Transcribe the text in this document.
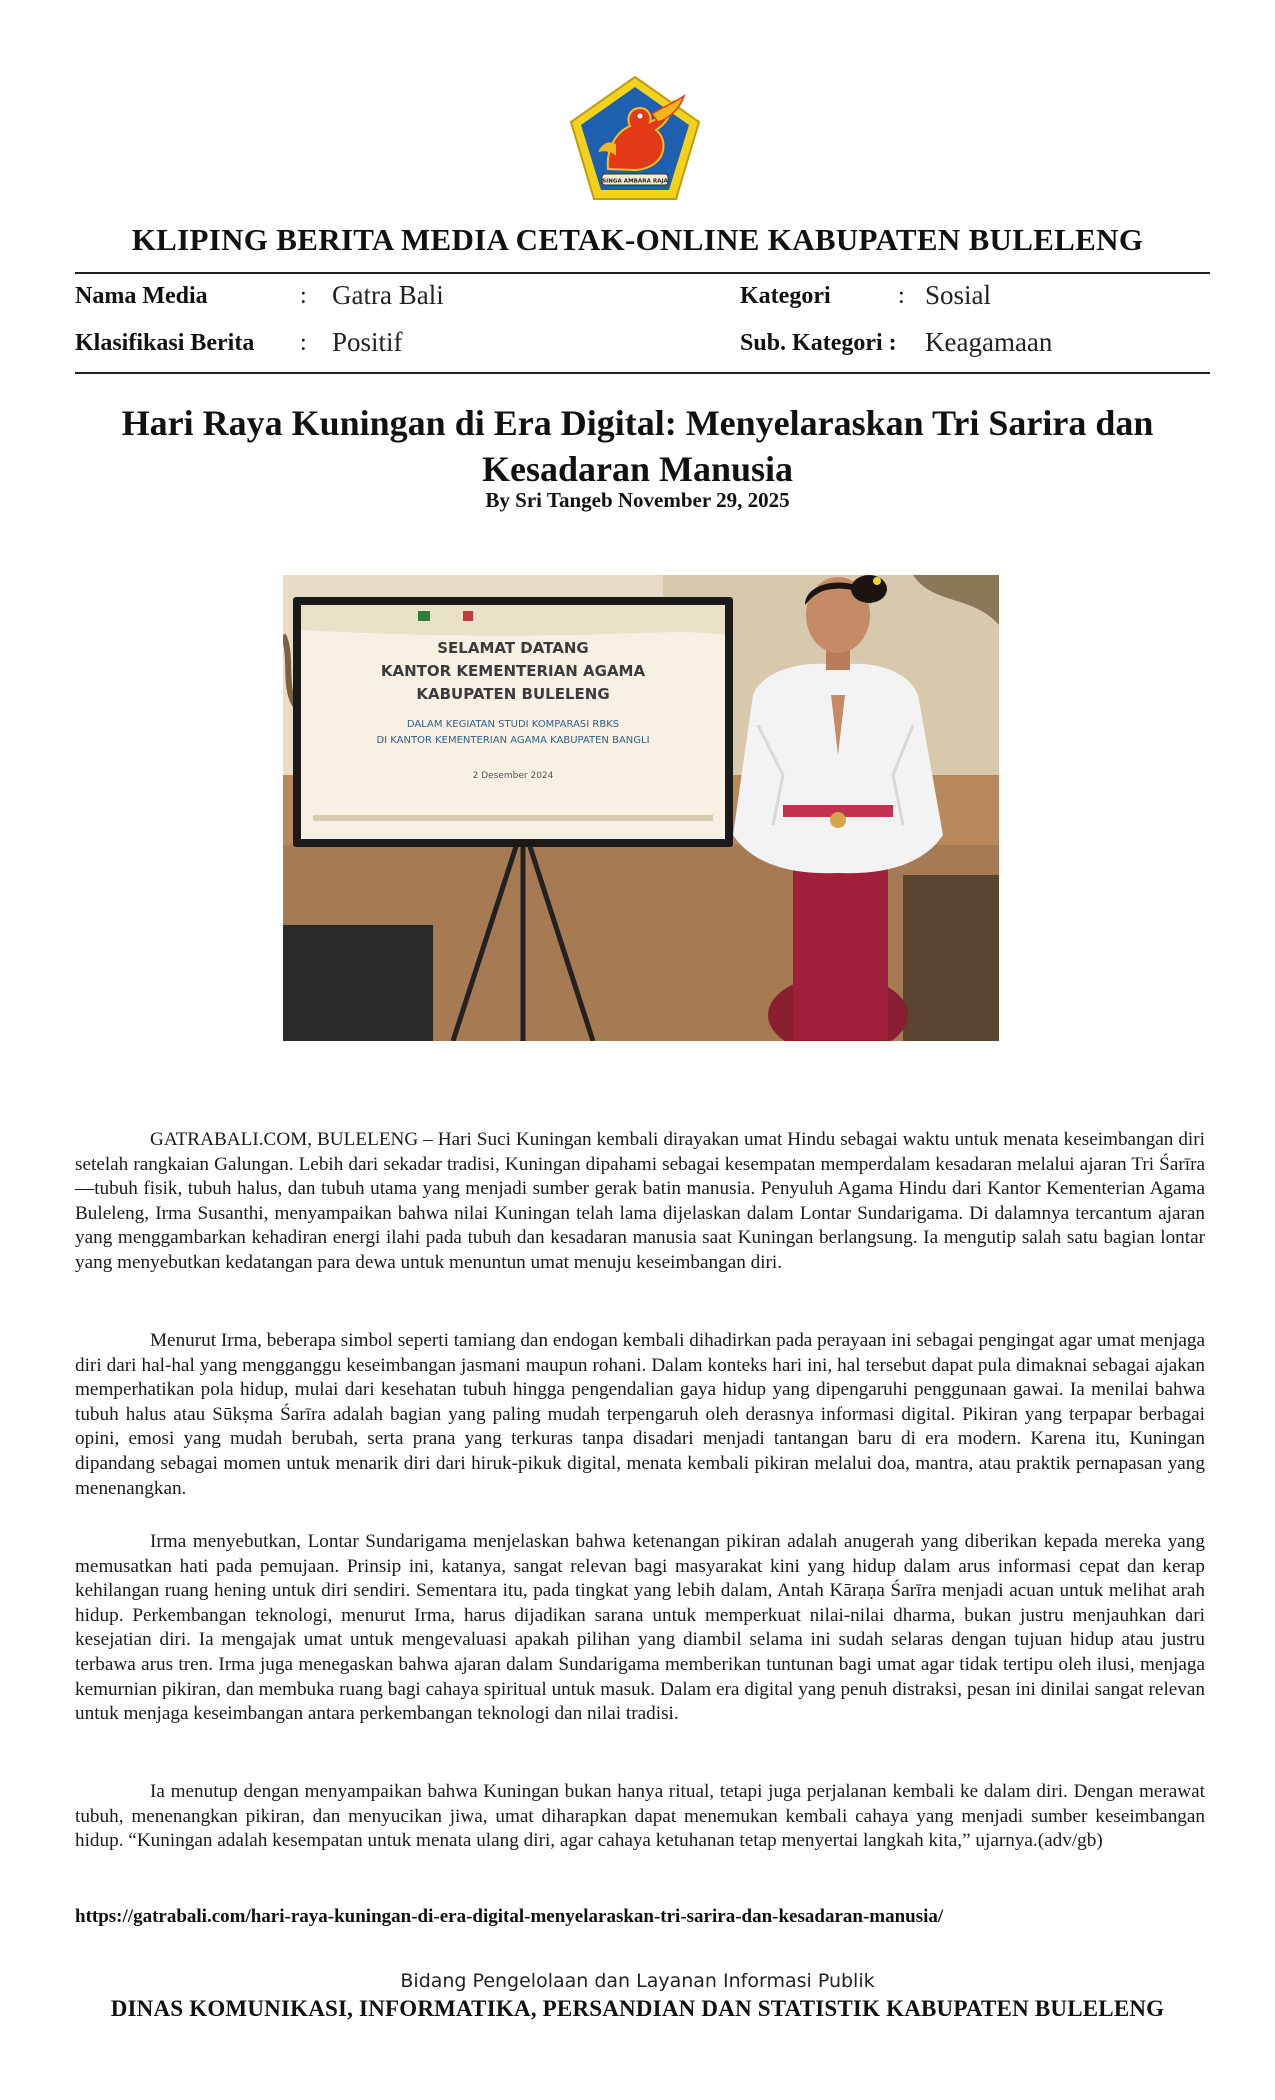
SINGA AMBARA RAJA
KLIPING BERITA MEDIA CETAK-ONLINE KABUPATEN BULELENG
Nama Media	: Gatra Bali	Kategori	: Sosial
Klasifikasi Berita : Positif	Sub. Kategori : Keagamaan
Hari Raya Kuningan di Era Digital: Menyelaraskan Tri Sarira dan Kesadaran Manusia
By Sri Tangeb November 29, 2025
SELAMAT DATANG
KANTOR KEMENTERIAN AGAMA
KABUPATEN BULELENG
DALAM KEGIATAN STUDI KOMPARASI RBKS
DI KANTOR KEMENTERIAN AGAMA KABUPATEN BANGLI
2 Desember 2024

GATRABALI.COM, BULELENG – Hari Suci Kuningan kembali dirayakan umat Hindu sebagai waktu untuk menata keseimbangan diri setelah rangkaian Galungan. Lebih dari sekadar tradisi, Kuningan dipahami sebagai kesempatan memperdalam kesadaran melalui ajaran Tri Śarīra—tubuh fisik, tubuh halus, dan tubuh utama yang menjadi sumber gerak batin manusia. Penyuluh Agama Hindu dari Kantor Kementerian Agama Buleleng, Irma Susanthi, menyampaikan bahwa nilai Kuningan telah lama dijelaskan dalam Lontar Sundarigama. Di dalamnya tercantum ajaran yang menggambarkan kehadiran energi ilahi pada tubuh dan kesadaran manusia saat Kuningan berlangsung. Ia mengutip salah satu bagian lontar yang menyebutkan kedatangan para dewa untuk menuntun umat menuju keseimbangan diri.

Menurut Irma, beberapa simbol seperti tamiang dan endogan kembali dihadirkan pada perayaan ini sebagai pengingat agar umat menjaga diri dari hal-hal yang mengganggu keseimbangan jasmani maupun rohani. Dalam konteks hari ini, hal tersebut dapat pula dimaknai sebagai ajakan memperhatikan pola hidup, mulai dari kesehatan tubuh hingga pengendalian gaya hidup yang dipengaruhi penggunaan gawai. Ia menilai bahwa tubuh halus atau Sūkṣma Śarīra adalah bagian yang paling mudah terpengaruh oleh derasnya informasi digital. Pikiran yang terpapar berbagai opini, emosi yang mudah berubah, serta prana yang terkuras tanpa disadari menjadi tantangan baru di era modern. Karena itu, Kuningan dipandang sebagai momen untuk menarik diri dari hiruk-pikuk digital, menata kembali pikiran melalui doa, mantra, atau praktik pernapasan yang menenangkan.

Irma menyebutkan, Lontar Sundarigama menjelaskan bahwa ketenangan pikiran adalah anugerah yang diberikan kepada mereka yang memusatkan hati pada pemujaan. Prinsip ini, katanya, sangat relevan bagi masyarakat kini yang hidup dalam arus informasi cepat dan kerap kehilangan ruang hening untuk diri sendiri. Sementara itu, pada tingkat yang lebih dalam, Antah Kāraṇa Śarīra menjadi acuan untuk melihat arah hidup. Perkembangan teknologi, menurut Irma, harus dijadikan sarana untuk memperkuat nilai-nilai dharma, bukan justru menjauhkan dari kesejatian diri. Ia mengajak umat untuk mengevaluasi apakah pilihan yang diambil selama ini sudah selaras dengan tujuan hidup atau justru terbawa arus tren. Irma juga menegaskan bahwa ajaran dalam Sundarigama memberikan tuntunan bagi umat agar tidak tertipu oleh ilusi, menjaga kemurnian pikiran, dan membuka ruang bagi cahaya spiritual untuk masuk. Dalam era digital yang penuh distraksi, pesan ini dinilai sangat relevan untuk menjaga keseimbangan antara perkembangan teknologi dan nilai tradisi.

Ia menutup dengan menyampaikan bahwa Kuningan bukan hanya ritual, tetapi juga perjalanan kembali ke dalam diri. Dengan merawat tubuh, menenangkan pikiran, dan menyucikan jiwa, umat diharapkan dapat menemukan kembali cahaya yang menjadi sumber keseimbangan hidup. “Kuningan adalah kesempatan untuk menata ulang diri, agar cahaya ketuhanan tetap menyertai langkah kita,” ujarnya.(adv/gb)

https://gatrabali.com/hari-raya-kuningan-di-era-digital-menyelaraskan-tri-sarira-dan-kesadaran-manusia/
Bidang Pengelolaan dan Layanan Informasi Publik
DINAS KOMUNIKASI, INFORMATIKA, PERSANDIAN DAN STATISTIK KABUPATEN BULELENG
